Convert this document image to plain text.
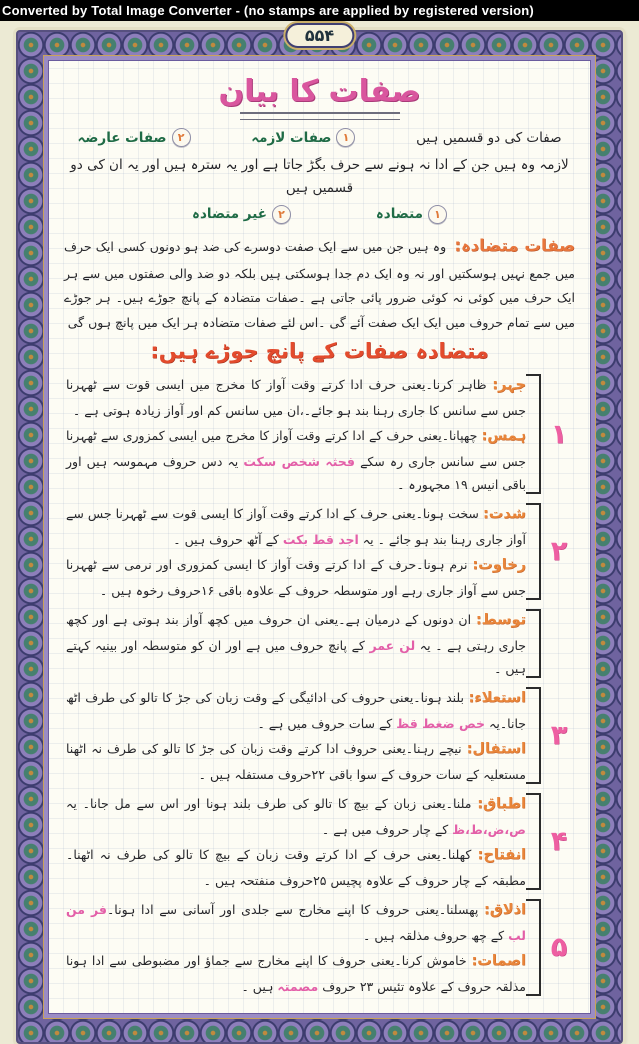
Converted by Total Image Converter - (no stamps are applied by registered version)
۵۵۴
صفات کا بیان
صفات کی دو قسمیں ہیں
۱
صفات لازمہ
۲
صفات عارضہ
لازمہ وہ ہیں جن کے ادا نہ ہونے سے حرف بگڑ جاتا ہے اور یہ سترہ ہیں اور یہ ان کی دو قسمیں ہیں
۱
متضادہ
۲
غیر متضادہ
صفات متضادہ: وہ ہیں جن میں سے ایک صفت دوسرے کی ضد ہو دونوں کسی ایک حرف میں جمع نہیں ہوسکتیں اور نہ وہ ایک دم جدا ہوسکتی ہیں بلکہ دو ضد والی صفتوں میں سے ہر ایک حرف میں کوئی نہ کوئی ضرور پائی جاتی ہے ۔صفات متضادہ کے پانچ جوڑے ہیں۔ ہر جوڑے میں سے تمام حروف میں ایک ایک صفت آئے گی ۔اس لئے صفات متضادہ ہر ایک میں پانچ ہوں گی
متضادہ صفات کے پانچ جوڑے ہیں:
جہر: ظاہر کرنا۔یعنی حرف ادا کرتے وقت آواز کا مخرج میں ایسی قوت سے ٹھہرنا جس سے سانس کا جاری رہنا بند ہو جائے۔،ان میں سانس کم اور آواز زیادہ ہوتی ہے ۔
ہمس: چھپانا۔یعنی حرف کے ادا کرتے وقت آواز کا مخرج میں ایسی کمزوری سے ٹھہرنا جس سے سانس جاری رہ سکے فحثہ شخص سکت یہ دس حروف مہموسہ ہیں اور باقی انیس ۱۹ مجہورہ ۔
۱
شدت: سخت ہونا۔یعنی حرف کے ادا کرتے وقت آواز کا ایسی قوت سے ٹھہرنا جس سے آواز جاری رہنا بند ہو جائے ۔ یہ اجد قط بکت کے آٹھ حروف ہیں ۔
رخاوت: نرم ہونا۔حرف کے ادا کرتے وقت آواز کا ایسی کمزوری اور نرمی سے ٹھہرنا جس سے آواز جاری رہے اور متوسطہ حروف کے علاوہ باقی ۱۶حروف رخوہ ہیں ۔
۲
توسط: ان دونوں کے درمیان ہے۔یعنی ان حروف میں کچھ آواز بند ہوتی ہے اور کچھ جاری رہتی ہے ۔ یہ لن عمر کے پانچ حروف میں ہے اور ان کو متوسطہ اور بینیہ کہتے ہیں ۔
استعلاء: بلند ہونا۔یعنی حروف کی ادائیگی کے وقت زبان کی جڑ کا تالو کی طرف اٹھ جانا۔یہ خص ضغط قظ کے سات حروف میں ہے ۔
استفال: نیچے رہنا۔یعنی حروف ادا کرتے وقت زبان کی جڑ کا تالو کی طرف نہ اٹھنا مستعلیہ کے سات حروف کے سوا باقی ۲۲حروف مستفلہ ہیں ۔
۳
اطباق: ملنا۔یعنی زبان کے بیچ کا تالو کی طرف بلند ہونا اور اس سے مل جانا۔ یہ ص،ض،ط،ظ کے چار حروف میں ہے ۔
انفتاح: کھلنا۔یعنی حرف کے ادا کرتے وقت زبان کے بیچ کا تالو کی طرف نہ اٹھنا۔مطبقہ کے چار حروف کے علاوہ پچیس ۲۵حروف منفتحہ ہیں ۔
۴
اذلاق: پھسلنا۔یعنی حروف کا اپنے مخارج سے جلدی اور آسانی سے ادا ہونا۔فر من لب کے چھ حروف مذلقہ ہیں ۔
اصمات: خاموش کرنا۔یعنی حروف کا اپنے مخارج سے جماؤ اور مضبوطی سے ادا ہونا مذلقہ حروف کے علاوہ تئیس ۲۳ حروف مصمتہ ہیں ۔
۵
